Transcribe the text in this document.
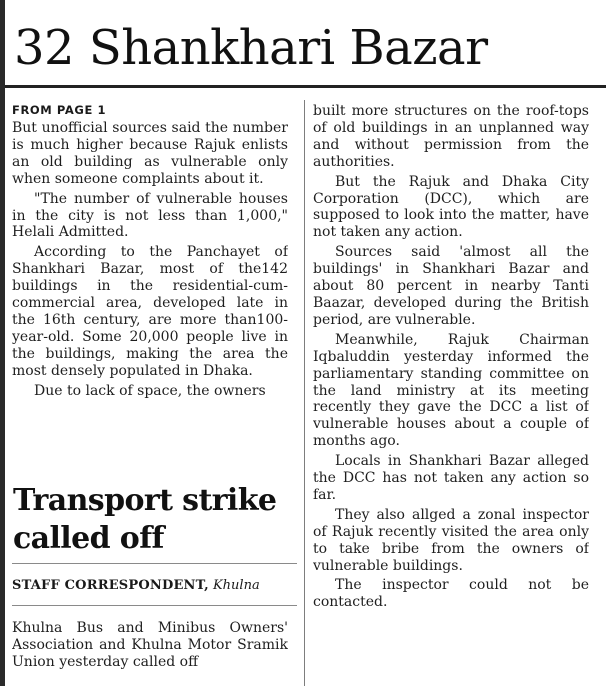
32 Shankhari Bazar
FROM PAGE 1

But unofficial sources said the number is much higher because Rajuk enlists an old building as vulnerable only when someone complaints about it.

"The number of vulnerable houses in the city is not less than 1,000," Helali Admitted.

According to the Panchayet of Shankhari Bazar, most of the142 buildings in the residential-cum-commercial area, developed late in the 16th century, are more than100-year-old. Some 20,000 people live in the buildings, making the area the most densely populated in Dhaka.

Due to lack of space, the owners

built more structures on the roof-tops of old buildings in an unplanned way and without permission from the authorities.

But the Rajuk and Dhaka City Corporation (DCC), which are supposed to look into the matter, have not taken any action.

Sources said 'almost all the buildings' in Shankhari Bazar and about 80 percent in nearby Tanti Baazar, developed during the British period, are vulnerable.

Meanwhile, Rajuk Chairman Iqbaluddin yesterday informed the parliamentary standing committee on the land ministry at its meeting recently they gave the DCC a list of vulnerable houses about a couple of months ago.

Locals in Shankhari Bazar alleged the DCC has not taken any action so far.

They also allged a zonal inspector of Rajuk recently visited the area only to take bribe from the owners of vulnerable buildings.

The inspector could not be contacted.

Transport strike called off
STAFF CORRESPONDENT, Khulna

Khulna Bus and Minibus Owners' Association and Khulna Motor Sramik Union yesterday called off
